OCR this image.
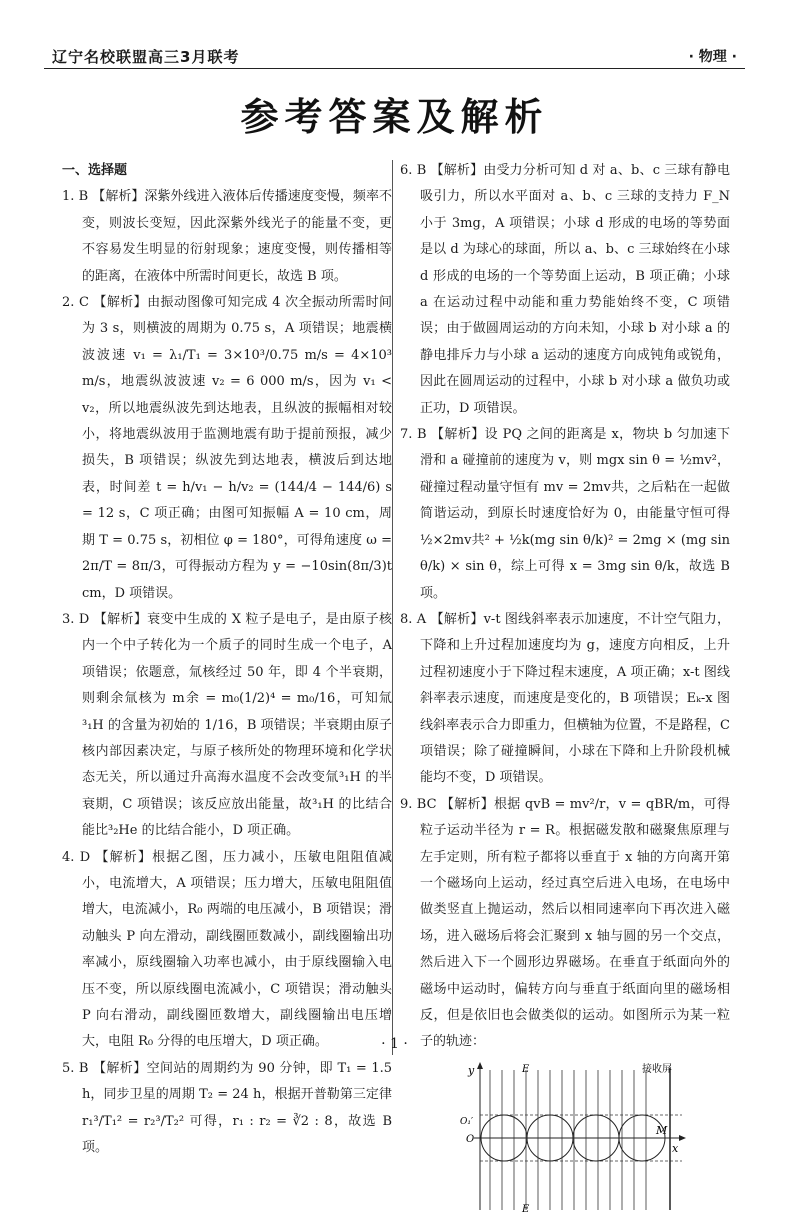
辽宁名校联盟高三3月联考	· 物理 ·
参考答案及解析
一、选择题

1. B 【解析】深紫外线进入液体后传播速度变慢，频率不变，则波长变短，因此深紫外线光子的能量不变，更不容易发生明显的衍射现象；速度变慢，则传播相等的距离，在液体中所需时间更长，故选 B 项。

2. C 【解析】由振动图像可知完成 4 次全振动所需时间为 3 s，则横波的周期为 0.75 s，A 项错误；地震横波波速 v₁ = λ₁/T₁ = 3×10³/0.75 m/s = 4×10³ m/s，地震纵波波速 v₂ = 6 000 m/s，因为 v₁ < v₂，所以地震纵波先到达地表，且纵波的振幅相对较小，将地震纵波用于监测地震有助于提前预报，减少损失，B 项错误；纵波先到达地表，横波后到达地表，时间差 t = h/v₁ − h/v₂ = (144/4 − 144/6) s = 12 s，C 项正确；由图可知振幅 A = 10 cm，周期 T = 0.75 s，初相位 φ = 180°，可得角速度 ω = 2π/T = 8π/3，可得振动方程为 y = −10sin(8π/3)t cm，D 项错误。

3. D 【解析】衰变中生成的 X 粒子是电子，是由原子核内一个中子转化为一个质子的同时生成一个电子，A 项错误；依题意，氚核经过 50 年，即 4 个半衰期，则剩余氚核为 m余 = m₀(1/2)⁴ = m₀/16，可知氚³₁H 的含量为初始的 1/16，B 项错误；半衰期由原子核内部因素决定，与原子核所处的物理环境和化学状态无关，所以通过升高海水温度不会改变氚³₁H 的半衰期，C 项错误；该反应放出能量，故³₁H 的比结合能比³₂He 的比结合能小，D 项正确。

4. D 【解析】根据乙图，压力减小，压敏电阻阻值减小，电流增大，A 项错误；压力增大，压敏电阻阻值增大，电流减小，R₀ 两端的电压减小，B 项错误；滑动触头 P 向左滑动，副线圈匝数减小，副线圈输出功率减小，原线圈输入功率也减小，由于原线圈输入电压不变，所以原线圈电流减小，C 项错误；滑动触头 P 向右滑动，副线圈匝数增大，副线圈输出电压增大，电阻 R₀ 分得的电压增大，D 项正确。

5. B 【解析】空间站的周期约为 90 分钟，即 T₁ = 1.5 h，同步卫星的周期 T₂ = 24 h，根据开普勒第三定律 r₁³/T₁² = r₂³/T₂² 可得，r₁ : r₂ = ∛2 : 8，故选 B 项。

6. B 【解析】由受力分析可知 d 对 a、b、c 三球有静电吸引力，所以水平面对 a、b、c 三球的支持力 F_N 小于 3mg，A 项错误；小球 d 形成的电场的等势面是以 d 为球心的球面，所以 a、b、c 三球始终在小球 d 形成的电场的一个等势面上运动，B 项正确；小球 a 在运动过程中动能和重力势能始终不变，C 项错误；由于做圆周运动的方向未知，小球 b 对小球 a 的静电排斥力与小球 a 运动的速度方向成钝角或锐角，因此在圆周运动的过程中，小球 b 对小球 a 做负功或正功，D 项错误。

7. B 【解析】设 PQ 之间的距离是 x，物块 b 匀加速下滑和 a 碰撞前的速度为 v，则 mgx sin θ = ½mv²，碰撞过程动量守恒有 mv = 2mv共，之后粘在一起做简谐运动，到原长时速度恰好为 0，由能量守恒可得 ½×2mv共² + ½k(mg sin θ/k)² = 2mg × (mg sin θ/k) × sin θ，综上可得 x = 3mg sin θ/k，故选 B 项。

8. A 【解析】v-t 图线斜率表示加速度，不计空气阻力，下降和上升过程加速度均为 g，速度方向相反，上升过程初速度小于下降过程末速度，A 项正确；x-t 图线斜率表示速度，而速度是变化的，B 项错误；Eₖ-x 图线斜率表示合力即重力，但横轴为位置，不是路程，C 项错误；除了碰撞瞬间，小球在下降和上升阶段机械能均不变，D 项错误。

9. BC 【解析】根据 qvB = mv²/r，v = qBR/m，可得粒子运动半径为 r = R。根据磁发散和磁聚焦原理与左手定则，所有粒子都将以垂直于 x 轴的方向离开第一个磁场向上运动，经过真空后进入电场，在电场中做类竖直上抛运动，然后以相同速率向下再次进入磁场，进入磁场后将会汇聚到 x 轴与圆的另一个交点，然后进入下一个圆形边界磁场。在垂直于纸面向外的磁场中运动时，偏转方向与垂直于纸面向里的磁场相反，但是依旧也会做类似的运动。如图所示为某一粒子的轨迹：

y
x
M
O
O₁′
接收屏
E
E
· 1 ·
